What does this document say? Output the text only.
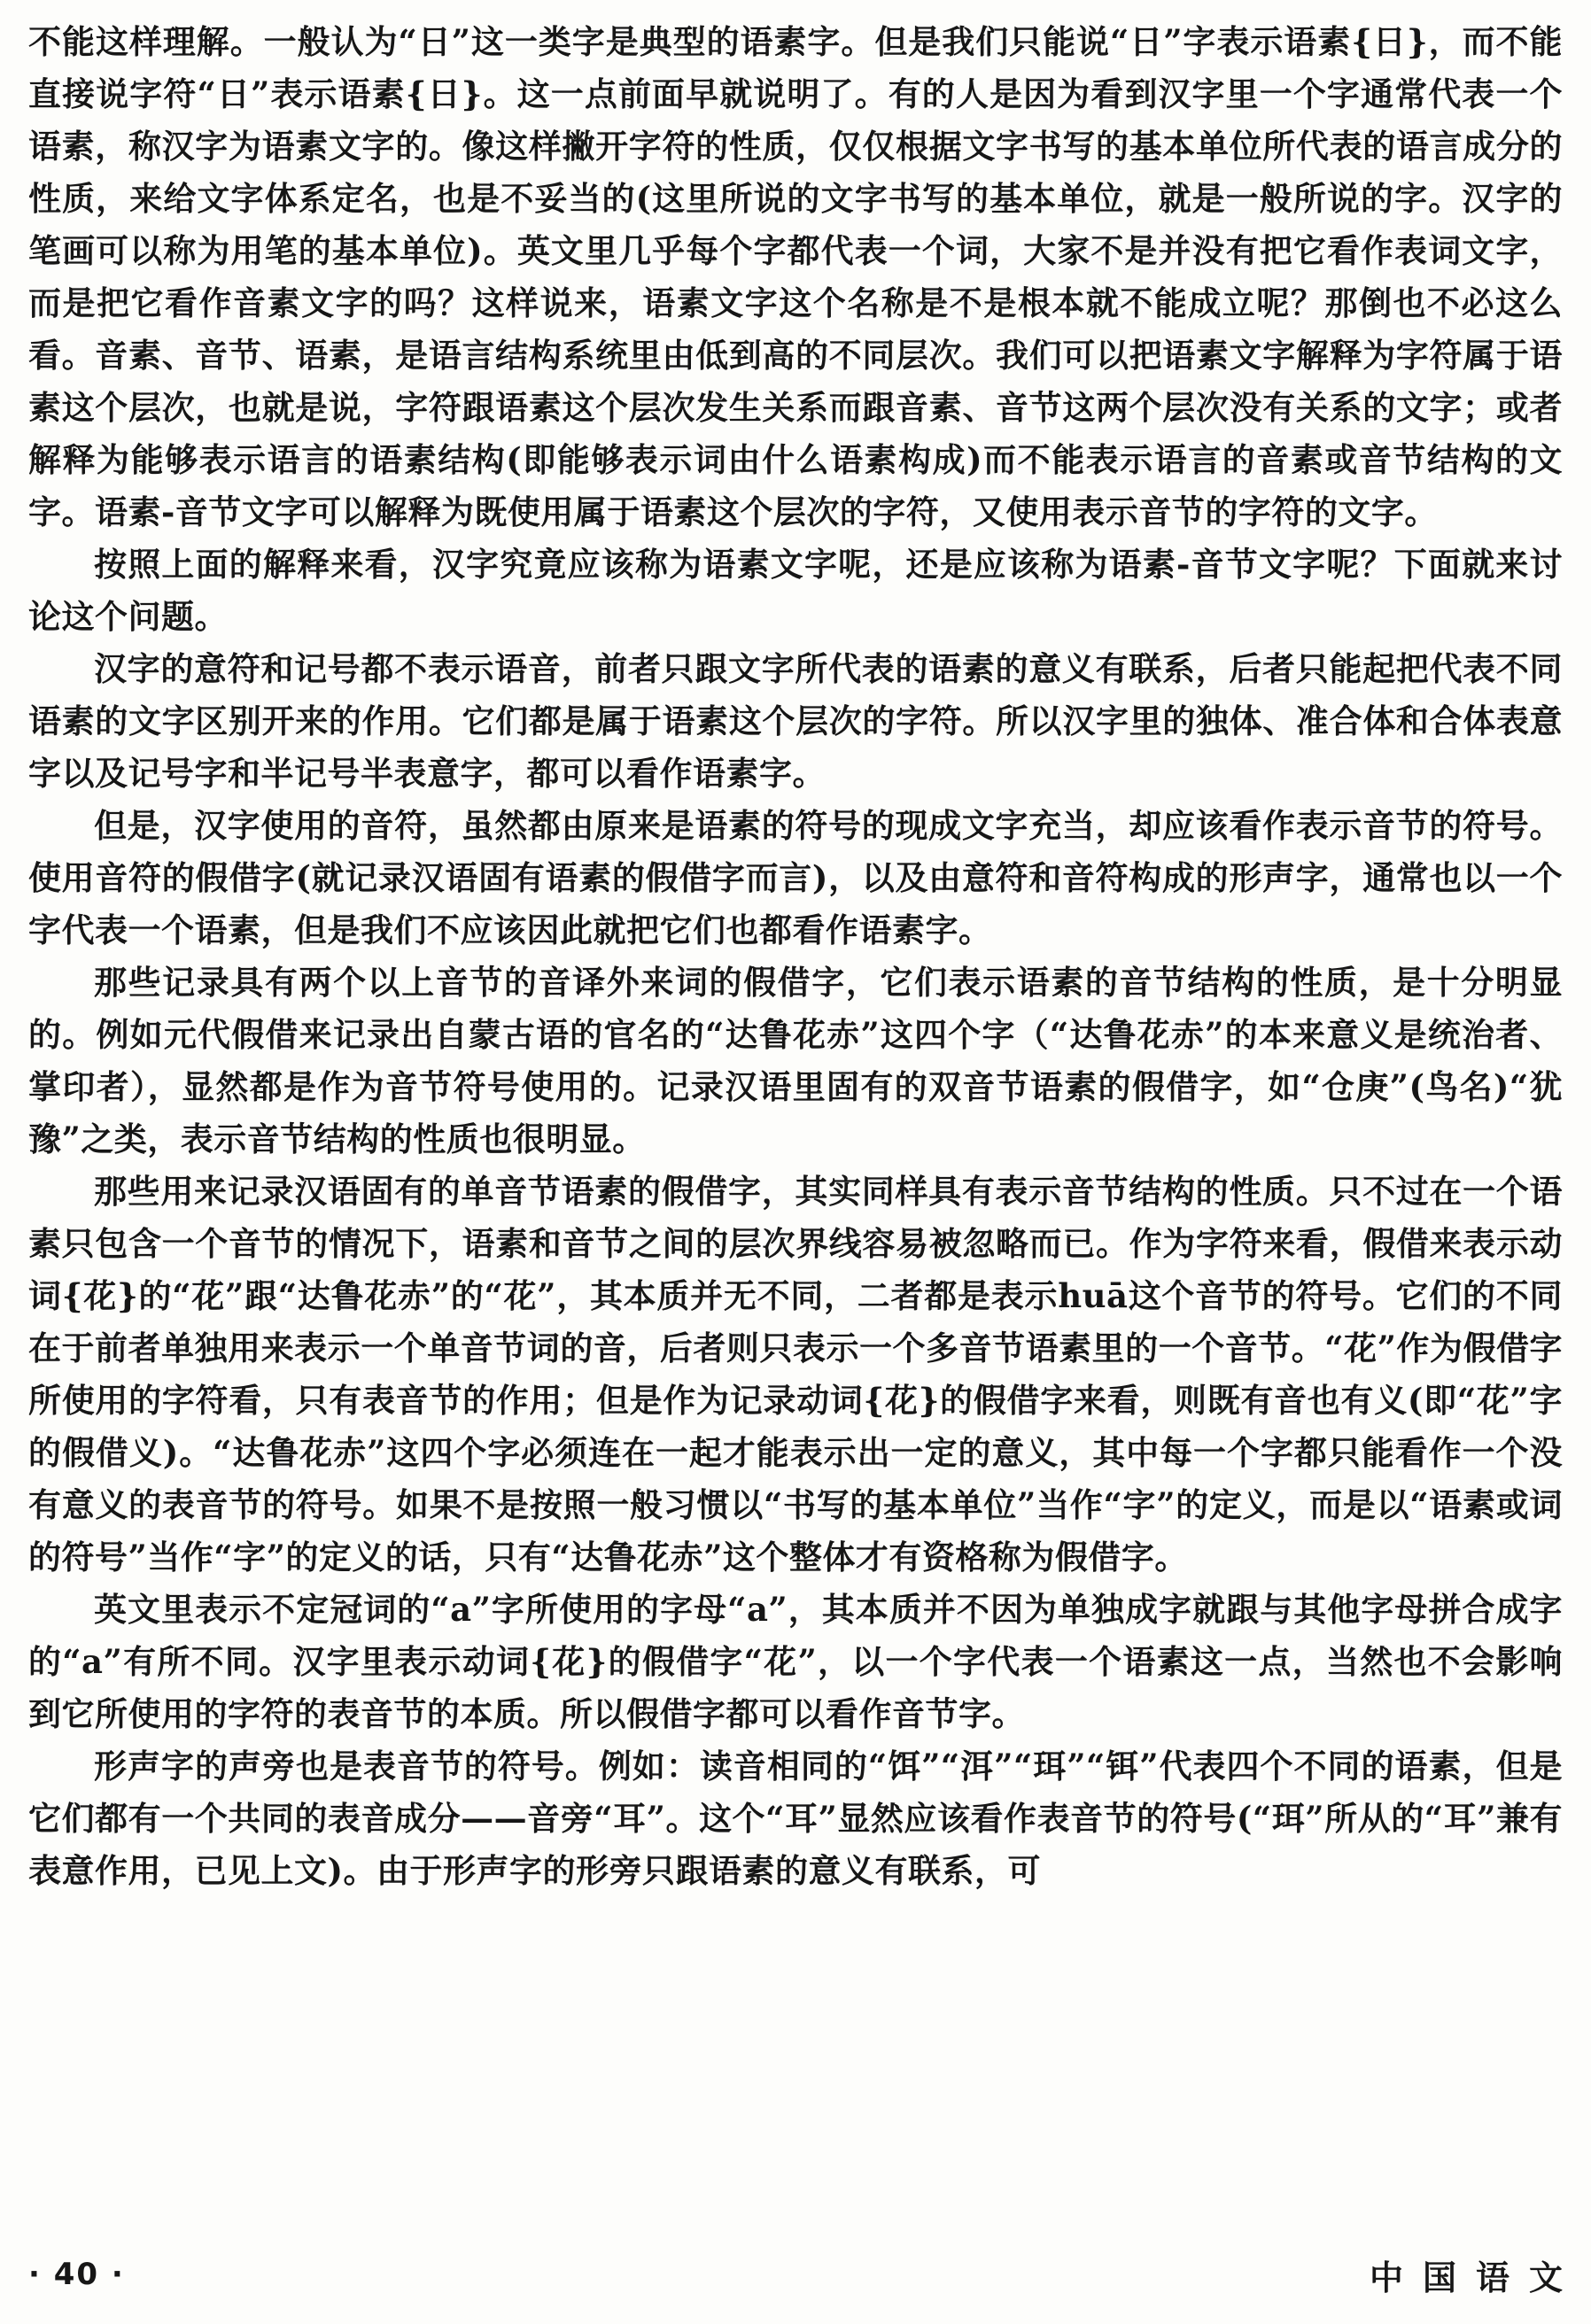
不能这样理解。一般认为“日”这一类字是典型的语素字。但是我们只能说“日”字表示语素{日}，而不能直接说字符“日”表示语素{日}。这一点前面早就说明了。有的人是因为看到汉字里一个字通常代表一个语素，称汉字为语素文字的。像这样撇开字符的性质，仅仅根据文字书写的基本单位所代表的语言成分的性质，来给文字体系定名，也是不妥当的(这里所说的文字书写的基本单位，就是一般所说的字。汉字的笔画可以称为用笔的基本单位)。英文里几乎每个字都代表一个词，大家不是并没有把它看作表词文字，而是把它看作音素文字的吗？这样说来，语素文字这个名称是不是根本就不能成立呢？那倒也不必这么看。音素、音节、语素，是语言结构系统里由低到高的不同层次。我们可以把语素文字解释为字符属于语素这个层次，也就是说，字符跟语素这个层次发生关系而跟音素、音节这两个层次没有关系的文字；或者解释为能够表示语言的语素结构(即能够表示词由什么语素构成)而不能表示语言的音素或音节结构的文字。语素-音节文字可以解释为既使用属于语素这个层次的字符，又使用表示音节的字符的文字。

按照上面的解释来看，汉字究竟应该称为语素文字呢，还是应该称为语素-音节文字呢？下面就来讨论这个问题。

汉字的意符和记号都不表示语音，前者只跟文字所代表的语素的意义有联系，后者只能起把代表不同语素的文字区别开来的作用。它们都是属于语素这个层次的字符。所以汉字里的独体、准合体和合体表意字以及记号字和半记号半表意字，都可以看作语素字。

但是，汉字使用的音符，虽然都由原来是语素的符号的现成文字充当，却应该看作表示音节的符号。使用音符的假借字(就记录汉语固有语素的假借字而言)，以及由意符和音符构成的形声字，通常也以一个字代表一个语素，但是我们不应该因此就把它们也都看作语素字。

那些记录具有两个以上音节的音译外来词的假借字，它们表示语素的音节结构的性质，是十分明显的。例如元代假借来记录出自蒙古语的官名的“达鲁花赤”这四个字（“达鲁花赤”的本来意义是统治者、掌印者），显然都是作为音节符号使用的。记录汉语里固有的双音节语素的假借字，如“仓庚”(鸟名)“犹豫”之类，表示音节结构的性质也很明显。

那些用来记录汉语固有的单音节语素的假借字，其实同样具有表示音节结构的性质。只不过在一个语素只包含一个音节的情况下，语素和音节之间的层次界线容易被忽略而已。作为字符来看，假借来表示动词{花}的“花”跟“达鲁花赤”的“花”，其本质并无不同，二者都是表示huā这个音节的符号。它们的不同在于前者单独用来表示一个单音节词的音，后者则只表示一个多音节语素里的一个音节。“花”作为假借字所使用的字符看，只有表音节的作用；但是作为记录动词{花}的假借字来看，则既有音也有义(即“花”字的假借义)。“达鲁花赤”这四个字必须连在一起才能表示出一定的意义，其中每一个字都只能看作一个没有意义的表音节的符号。如果不是按照一般习惯以“书写的基本单位”当作“字”的定义，而是以“语素或词的符号”当作“字”的定义的话，只有“达鲁花赤”这个整体才有资格称为假借字。

英文里表示不定冠词的“a”字所使用的字母“a”，其本质并不因为单独成字就跟与其他字母拼合成字的“a”有所不同。汉字里表示动词{花}的假借字“花”，以一个字代表一个语素这一点，当然也不会影响到它所使用的字符的表音节的本质。所以假借字都可以看作音节字。

形声字的声旁也是表音节的符号。例如：读音相同的“饵”“洱”“珥”“铒”代表四个不同的语素，但是它们都有一个共同的表音成分——音旁“耳”。这个“耳”显然应该看作表音节的符号(“珥”所从的“耳”兼有表意作用，已见上文)。由于形声字的形旁只跟语素的意义有联系，可

· 40 ·	中国语文
